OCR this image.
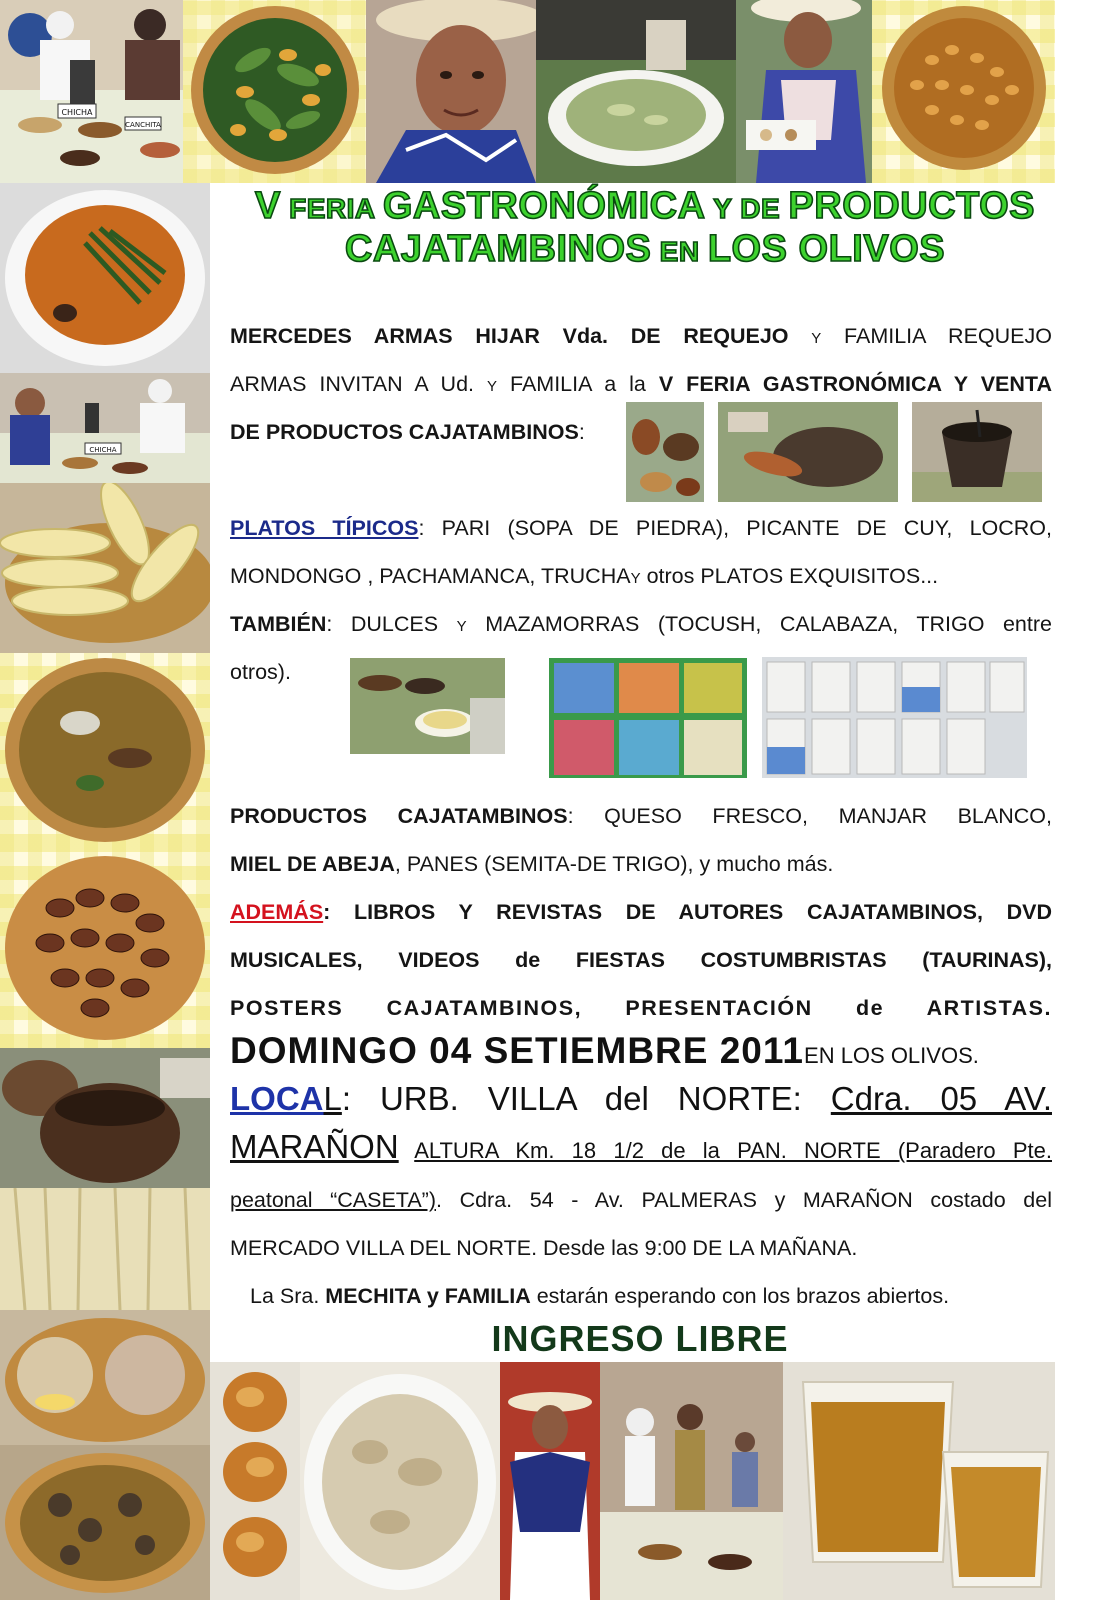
CHICHA
CANCHITA
CHICHA
V FERIA GASTRONÓMICA Y DE PRODUCTOS
CAJATAMBINOS EN LOS OLIVOS
MERCEDES ARMAS HIJAR Vda. DE REQUEJO Y FAMILIA REQUEJO
ARMAS INVITAN A Ud. Y FAMILIA a la V FERIA GASTRONÓMICA Y VENTA
DE PRODUCTOS CAJATAMBINOS:
PLATOS TÍPICOS: PARI (SOPA DE PIEDRA), PICANTE DE CUY, LOCRO,
MONDONGO , PACHAMANCA, TRUCHAY otros PLATOS EXQUISITOS...
TAMBIÉN: DULCES Y MAZAMORRAS (TOCUSH, CALABAZA, TRIGO entre
otros).
PRODUCTOS CAJATAMBINOS: QUESO FRESCO, MANJAR BLANCO,
MIEL DE ABEJA, PANES (SEMITA-DE TRIGO), y mucho más.
ADEMÁS: LIBROS Y REVISTAS DE AUTORES CAJATAMBINOS, DVD
MUSICALES, VIDEOS de FIESTAS COSTUMBRISTAS (TAURINAS),
POSTERS CAJATAMBINOS, PRESENTACIÓN de ARTISTAS.
DOMINGO 04 SETIEMBRE 2011EN LOS OLIVOS.
LOCAL: URB. VILLA del NORTE: Cdra. 05 AV.
MARAÑON ALTURA Km. 18 1/2 de la PAN. NORTE (Paradero Pte.
peatonal “CASETA”). Cdra. 54 - Av. PALMERAS y MARAÑON costado del
MERCADO VILLA DEL NORTE. Desde las 9:00 DE LA MAÑANA.
La Sra. MECHITA y FAMILIA estarán esperando con los brazos abiertos.
INGRESO LIBRE
